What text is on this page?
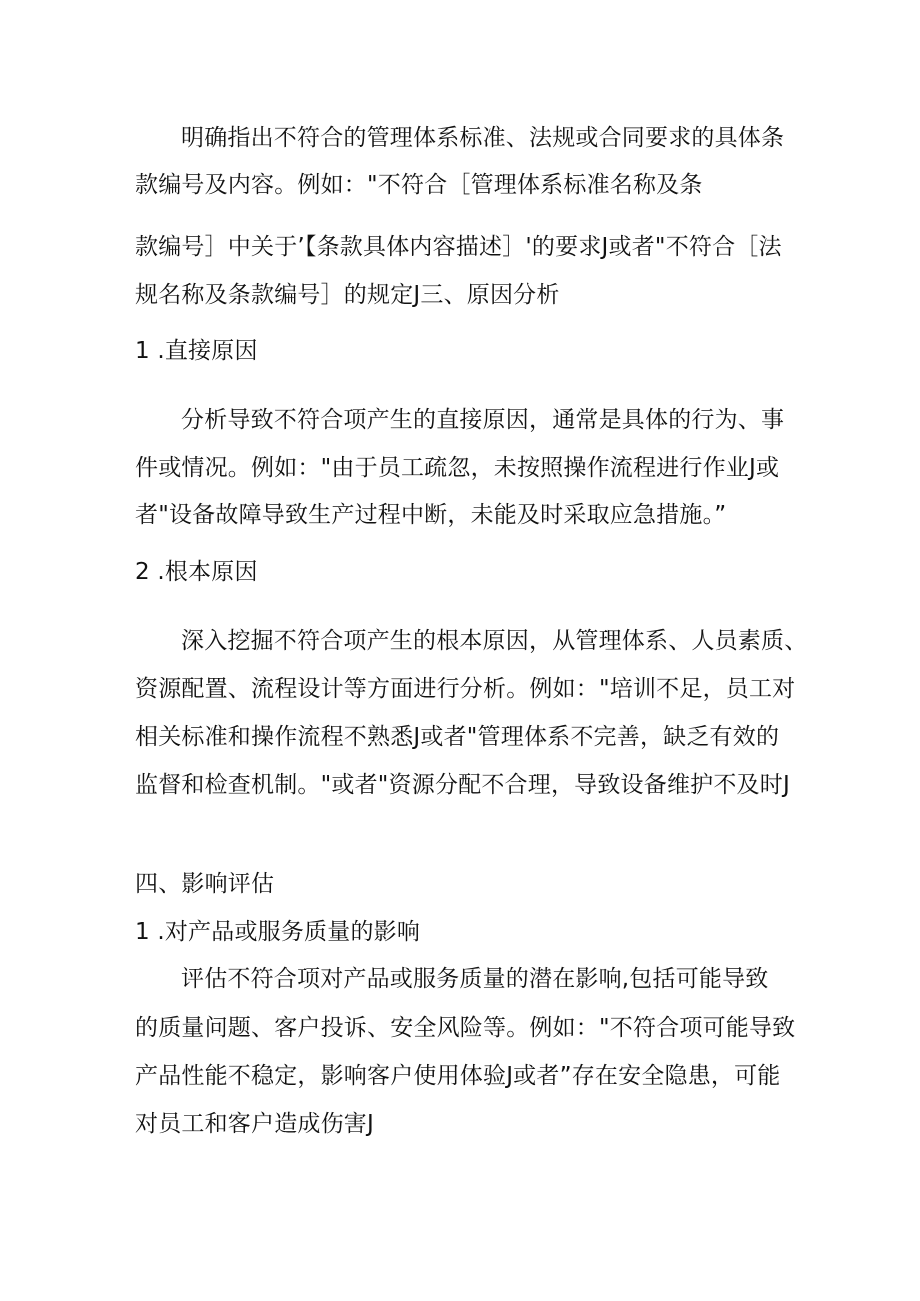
明确指出不符合的管理体系标准、法规或合同要求的具体条
款编号及内容。例如："不符合［管理体系标准名称及条
款编号］中关于’【条款具体内容描述］'的要求J或者"不符合［法
规名称及条款编号］的规定J三、原因分析
1 .直接原因
分析导致不符合项产生的直接原因，通常是具体的行为、事
件或情况。例如："由于员工疏忽，未按照操作流程进行作业J或
者"设备故障导致生产过程中断，未能及时采取应急措施。”
2 .根本原因
深入挖掘不符合项产生的根本原因，从管理体系、人员素质、
资源配置、流程设计等方面进行分析。例如："培训不足，员工对
相关标准和操作流程不熟悉J或者"管理体系不完善，缺乏有效的
监督和检查机制。"或者"资源分配不合理，导致设备维护不及时J
四、影响评估
1 .对产品或服务质量的影响
评估不符合项对产品或服务质量的潜在影响,包括可能导致
的质量问题、客户投诉、安全风险等。例如："不符合项可能导致
产品性能不稳定，影响客户使用体验J或者”存在安全隐患，可能
对员工和客户造成伤害J
